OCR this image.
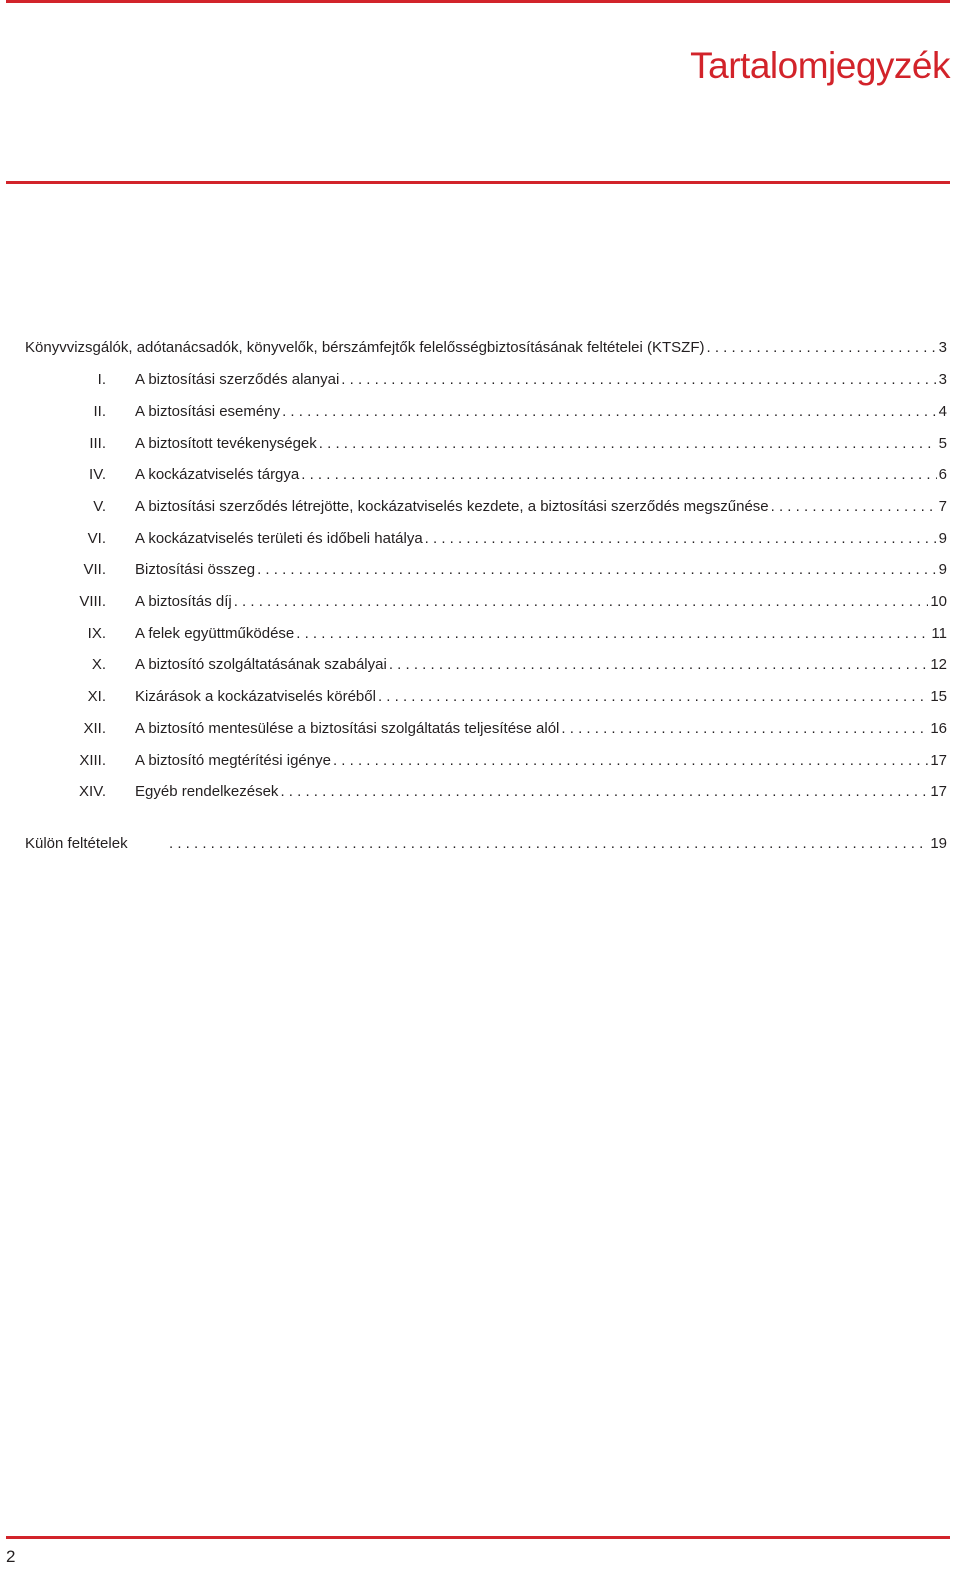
Tartalomjegyzék
Könyvvizsgálók, adótanácsadók, könyvelők, bérszámfejtők felelősségbiztosításának feltételei (KTSZF) . . .	3
I.	A biztosítási szerződés alanyai . . .	3
II.	A biztosítási esemény . . .	4
III.	A biztosított tevékenységek . . .	5
IV.	A kockázatviselés tárgya . . .	6
V.	A biztosítási szerződés létrejötte, kockázatviselés kezdete, a biztosítási szerződés megszűnése . . .	7
VI.	A kockázatviselés területi és időbeli hatálya . . .	9
VII.	Biztosítási összeg . . .	9
VIII.	A biztosítás díj . . .	10
IX.	A felek együttműködése . . .	11
X.	A biztosító szolgáltatásának szabályai . . .	12
XI.	Kizárások a kockázatviselés köréből . . .	15
XII.	A biztosító mentesülése a biztosítási szolgáltatás teljesítése alól . . .	16
XIII.	A biztosító megtérítési igénye . . .	17
XIV.	Egyéb rendelkezések . . .	17
Külön feltételek . . .	19
2
